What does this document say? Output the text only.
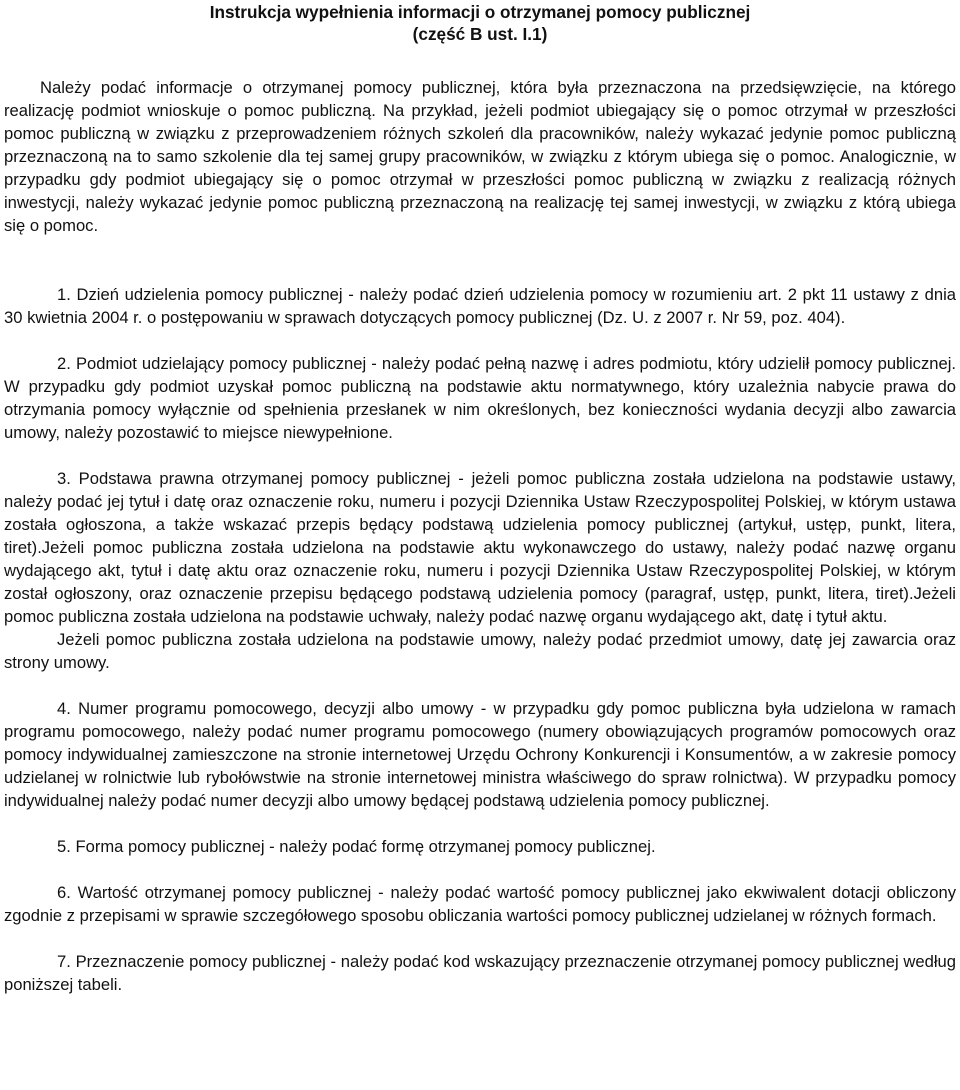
Instrukcja wypełnienia informacji o otrzymanej pomocy publicznej
(część B ust. I.1)

Należy podać informacje o otrzymanej pomocy publicznej, która była przeznaczona na przedsięwzięcie, na którego realizację podmiot wnioskuje o pomoc publiczną. Na przykład, jeżeli podmiot ubiegający się o pomoc otrzymał w przeszłości pomoc publiczną w związku z przeprowadzeniem różnych szkoleń dla pracowników, należy wykazać jedynie pomoc publiczną przeznaczoną na to samo szkolenie dla tej samej grupy pracowników, w związku z którym ubiega się o pomoc. Analogicznie, w przypadku gdy podmiot ubiegający się o pomoc otrzymał w przeszłości pomoc publiczną w związku z realizacją różnych inwestycji, należy wykazać jedynie pomoc publiczną przeznaczoną na realizację tej samej inwestycji, w związku z którą ubiega się o pomoc.

1. Dzień udzielenia pomocy publicznej - należy podać dzień udzielenia pomocy w rozumieniu art. 2 pkt 11 ustawy z dnia 30 kwietnia 2004 r. o postępowaniu w sprawach dotyczących pomocy publicznej (Dz. U. z 2007 r. Nr 59, poz. 404).

2. Podmiot udzielający pomocy publicznej - należy podać pełną nazwę i adres podmiotu, który udzielił pomocy publicznej. W przypadku gdy podmiot uzyskał pomoc publiczną na podstawie aktu normatywnego, który uzależnia nabycie prawa do otrzymania pomocy wyłącznie od spełnienia przesłanek w nim określonych, bez konieczności wydania decyzji albo zawarcia umowy, należy pozostawić to miejsce niewypełnione.

3. Podstawa prawna otrzymanej pomocy publicznej - jeżeli pomoc publiczna została udzielona na podstawie ustawy, należy podać jej tytuł i datę oraz oznaczenie roku, numeru i pozycji Dziennika Ustaw Rzeczypospolitej Polskiej, w którym ustawa została ogłoszona, a także wskazać przepis będący podstawą udzielenia pomocy publicznej (artykuł, ustęp, punkt, litera, tiret).Jeżeli pomoc publiczna została udzielona na podstawie aktu wykonawczego do ustawy, należy podać nazwę organu wydającego akt, tytuł i datę aktu oraz oznaczenie roku, numeru i pozycji Dziennika Ustaw Rzeczypospolitej Polskiej, w którym został ogłoszony, oraz oznaczenie przepisu będącego podstawą udzielenia pomocy (paragraf, ustęp, punkt, litera, tiret).Jeżeli pomoc publiczna została udzielona na podstawie uchwały, należy podać nazwę organu wydającego akt, datę i tytuł aktu.

Jeżeli pomoc publiczna została udzielona na podstawie umowy, należy podać przedmiot umowy, datę jej zawarcia oraz strony umowy.

4. Numer programu pomocowego, decyzji albo umowy - w przypadku gdy pomoc publiczna była udzielona w ramach programu pomocowego, należy podać numer programu pomocowego (numery obowiązujących programów pomocowych oraz pomocy indywidualnej zamieszczone na stronie internetowej Urzędu Ochrony Konkurencji i Konsumentów, a w zakresie pomocy udzielanej w rolnictwie lub rybołówstwie na stronie internetowej ministra właściwego do spraw rolnictwa). W przypadku pomocy indywidualnej należy podać numer decyzji albo umowy będącej podstawą udzielenia pomocy publicznej.

5. Forma pomocy publicznej - należy podać formę otrzymanej pomocy publicznej.

6. Wartość otrzymanej pomocy publicznej - należy podać wartość pomocy publicznej jako ekwiwalent dotacji obliczony zgodnie z przepisami w sprawie szczegółowego sposobu obliczania wartości pomocy publicznej udzielanej w różnych formach.

7. Przeznaczenie pomocy publicznej - należy podać kod wskazujący przeznaczenie otrzymanej pomocy publicznej według poniższej tabeli.
